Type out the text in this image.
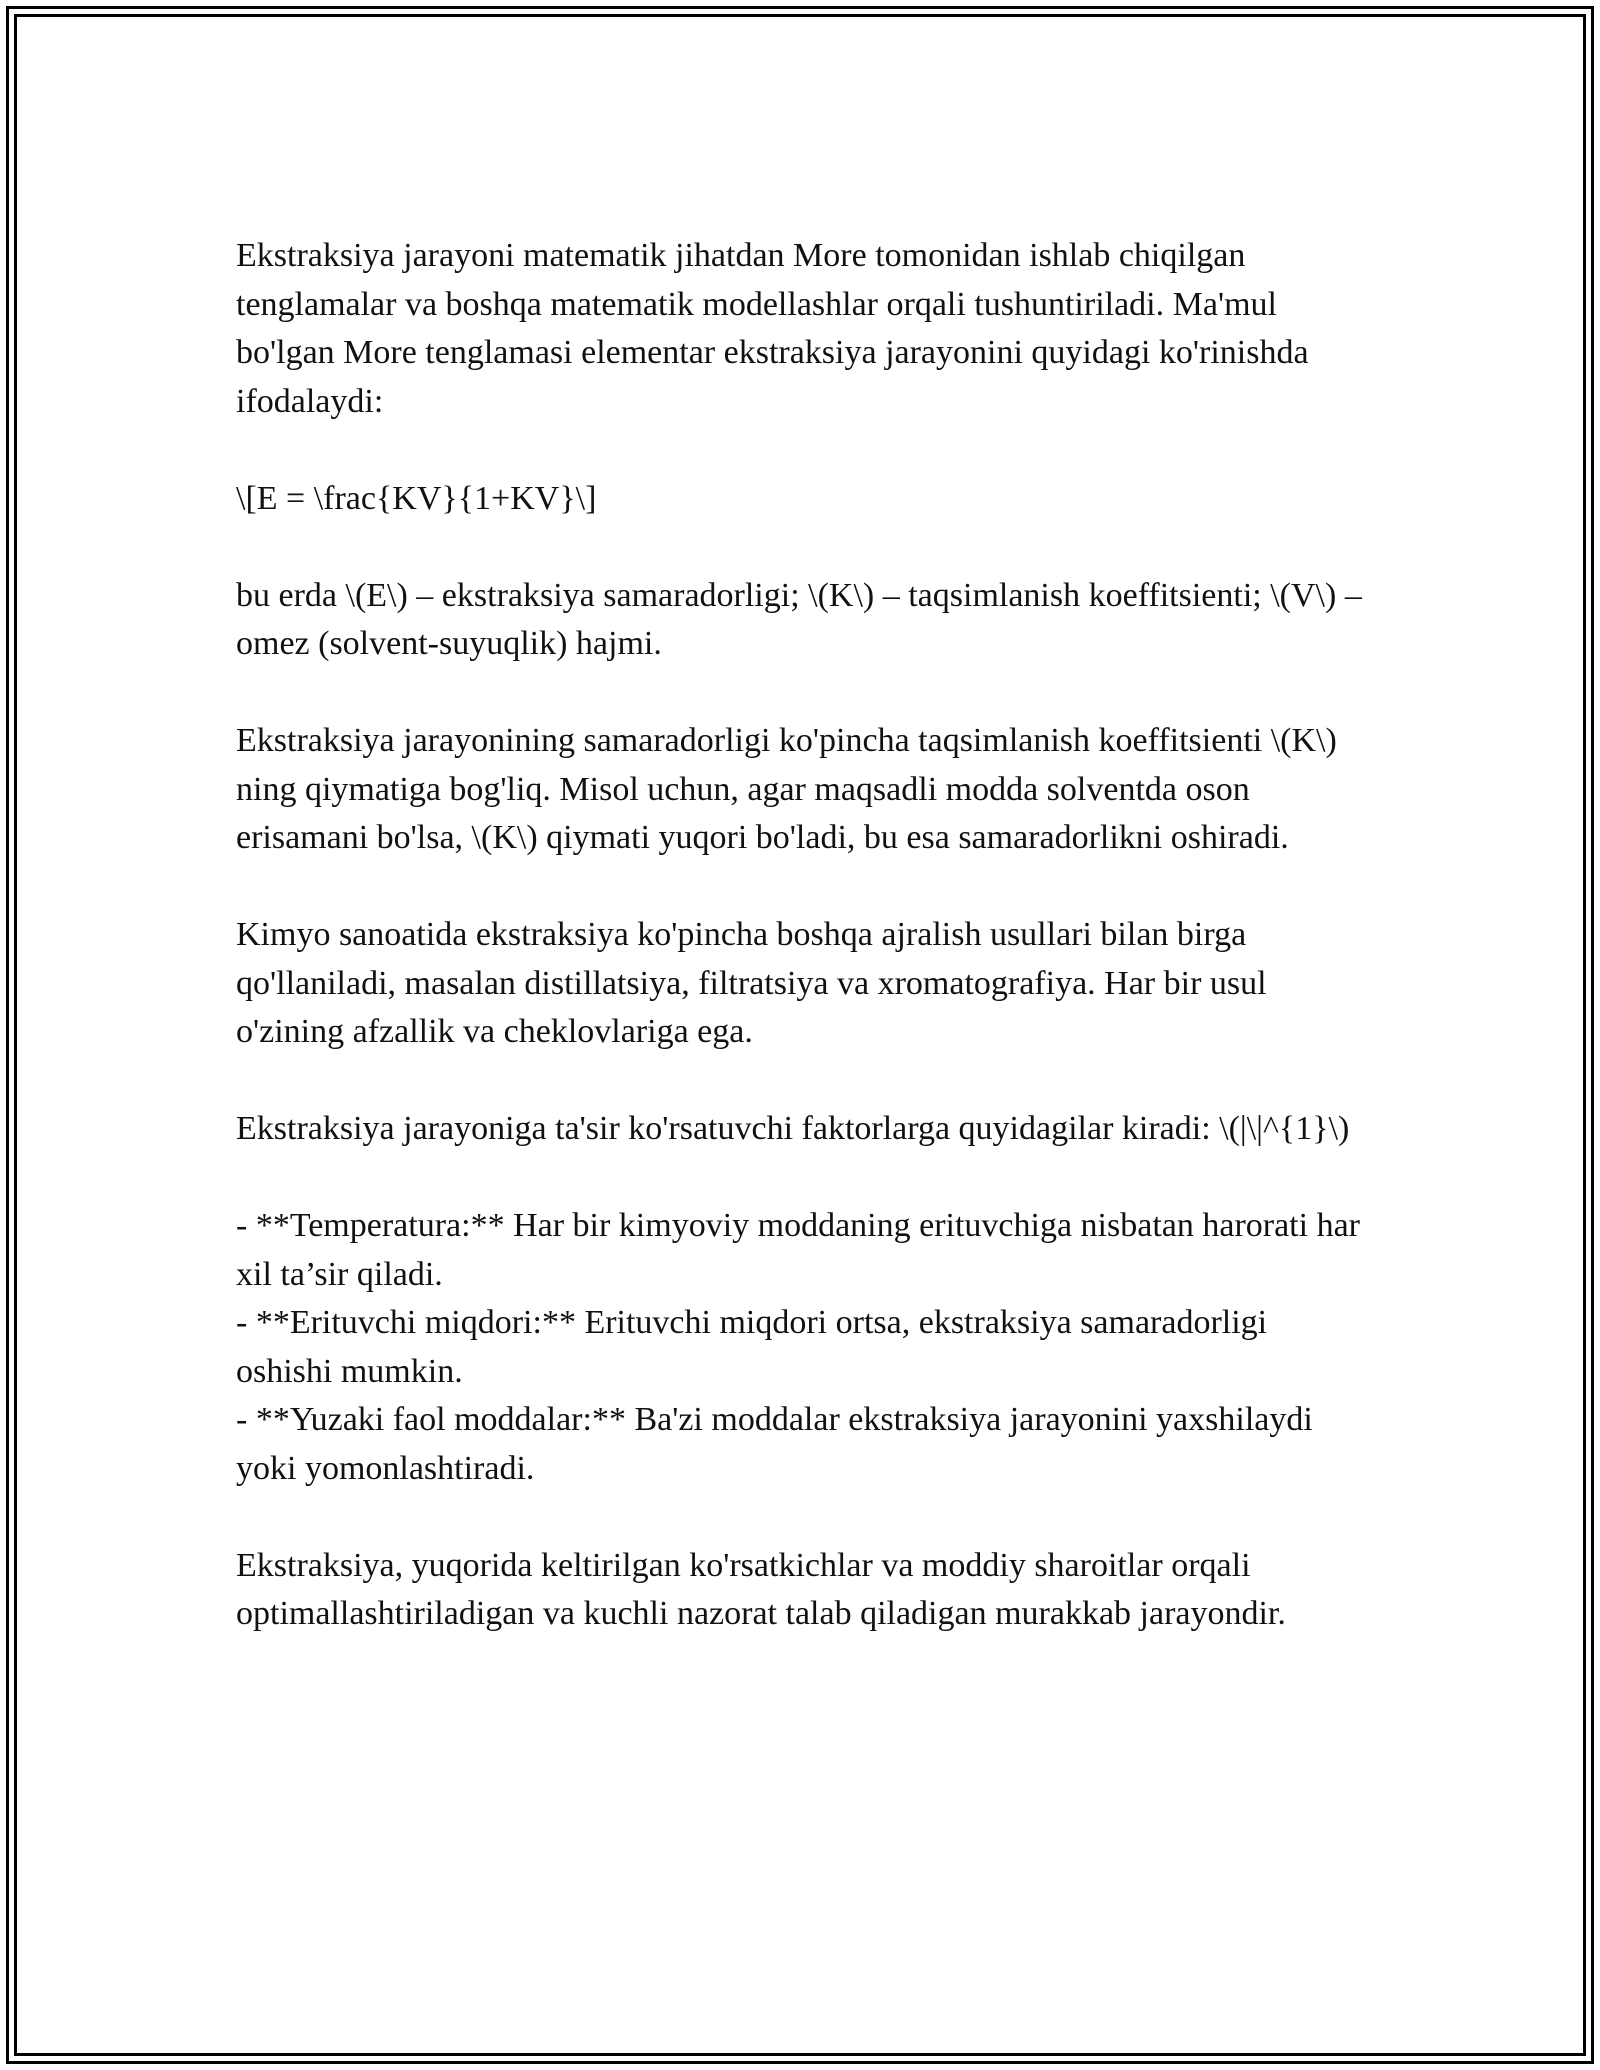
Ekstraksiya jarayoni matematik jihatdan More tomonidan ishlab chiqilgan tenglamalar va boshqa matematik modellashlar orqali tushuntiriladi. Ma'mul bo'lgan More tenglamasi elementar ekstraksiya jarayonini quyidagi ko'rinishda ifodalaydi:

\[E = \frac{KV}{1+KV}\]

bu erda \(E\) – ekstraksiya samaradorligi; \(K\) – taqsimlanish koeffitsienti; \(V\) – omez (solvent-suyuqlik) hajmi.

Ekstraksiya jarayonining samaradorligi ko'pincha taqsimlanish koeffitsienti \(K\) ning qiymatiga bog'liq. Misol uchun, agar maqsadli modda solventda oson erisamani bo'lsa, \(K\) qiymati yuqori bo'ladi, bu esa samaradorlikni oshiradi.

Kimyo sanoatida ekstraksiya ko'pincha boshqa ajralish usullari bilan birga qo'llaniladi, masalan distillatsiya, filtratsiya va xromatografiya. Har bir usul o'zining afzallik va cheklovlariga ega.

Ekstraksiya jarayoniga ta'sir ko'rsatuvchi faktorlarga quyidagilar kiradi: \(|\|^{1}\)

- **Temperatura:** Har bir kimyoviy moddaning erituvchiga nisbatan harorati har xil ta’sir qiladi.

- **Erituvchi miqdori:** Erituvchi miqdori ortsa, ekstraksiya samaradorligi oshishi mumkin.

- **Yuzaki faol moddalar:** Ba'zi moddalar ekstraksiya jarayonini yaxshilaydi yoki yomonlashtiradi.

Ekstraksiya, yuqorida keltirilgan ko'rsatkichlar va moddiy sharoitlar orqali optimallashtiriladigan va kuchli nazorat talab qiladigan murakkab jarayondir.
